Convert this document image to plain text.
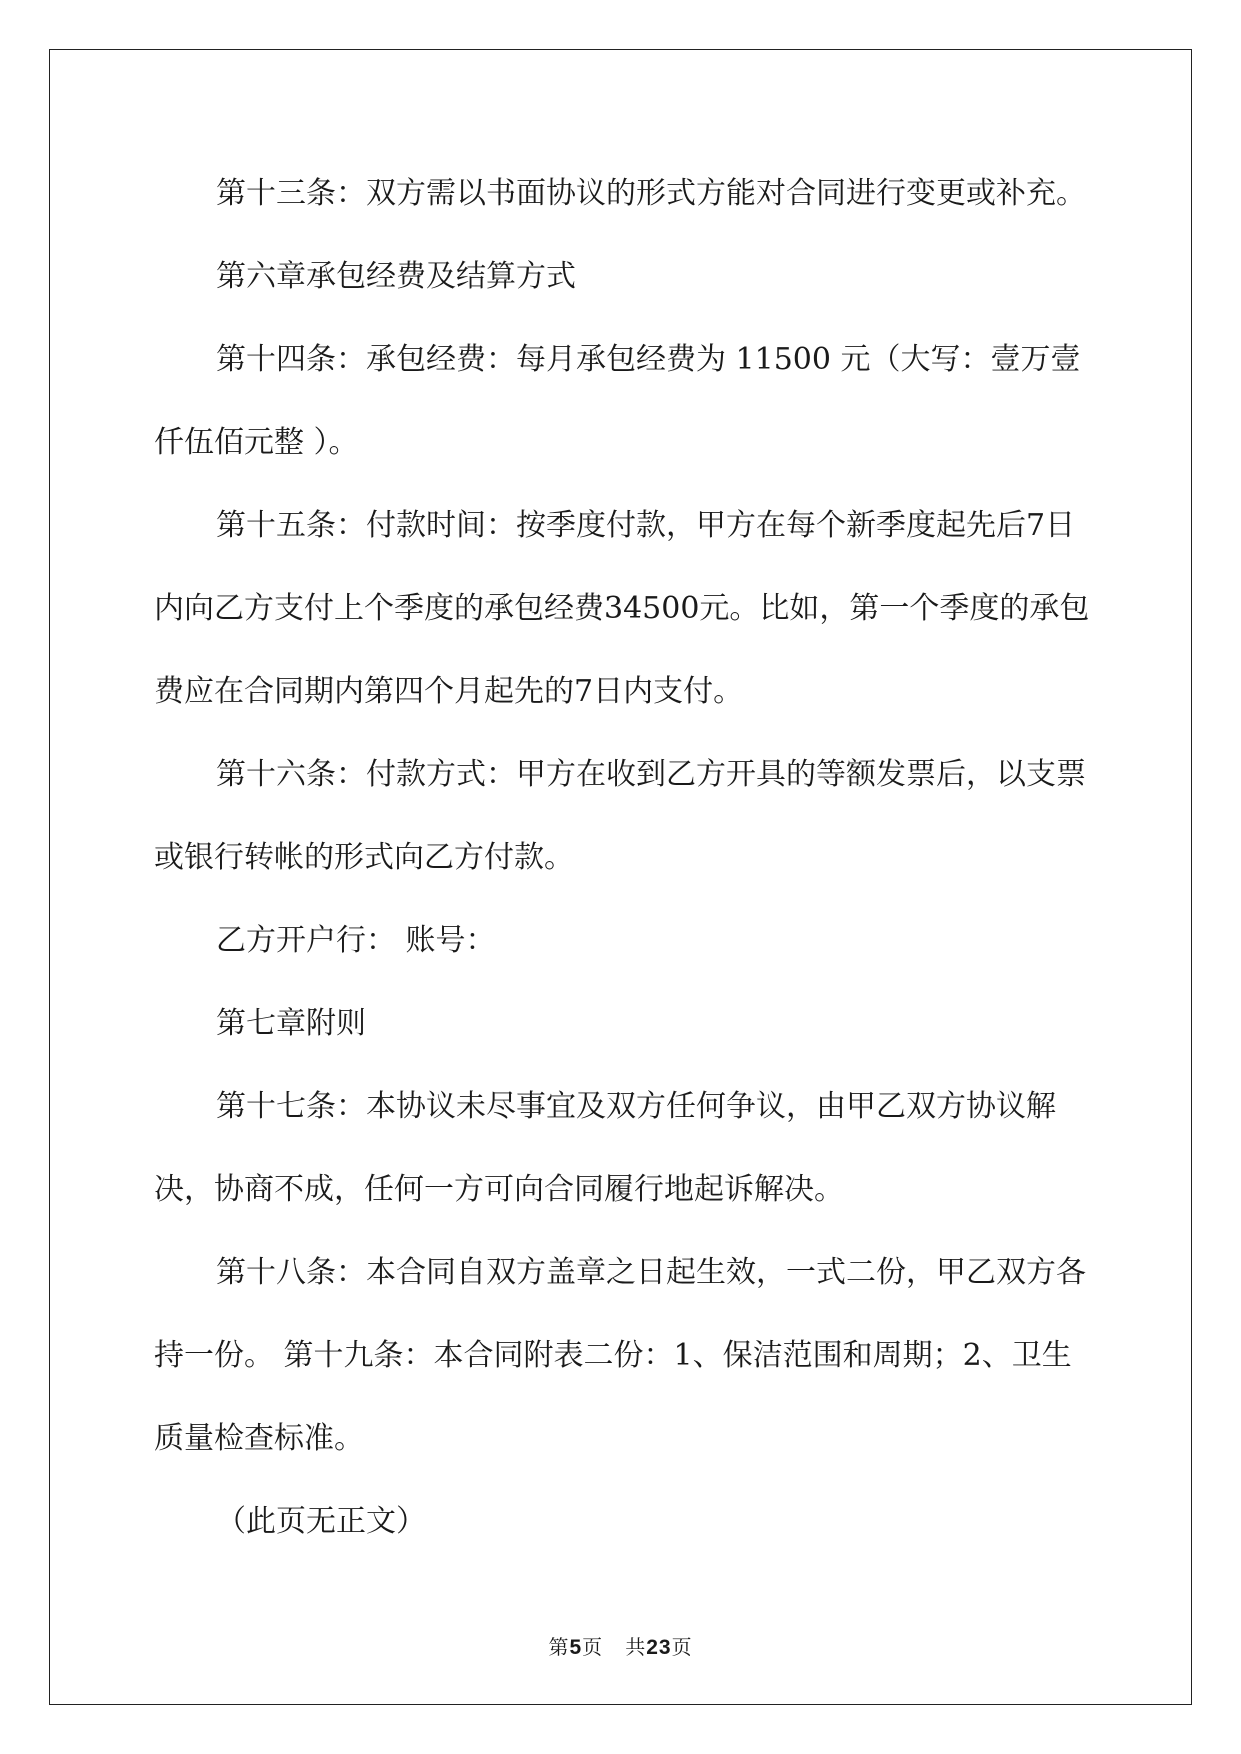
第十三条：双方需以书面协议的形式方能对合同进行变更或补充。

第六章承包经费及结算方式

第十四条：承包经费：每月承包经费为 11500 元（大写：壹万壹仟伍佰元整 ）。

第十五条：付款时间：按季度付款，甲方在每个新季度起先后7日内向乙方支付上个季度的承包经费34500元。比如，第一个季度的承包费应在合同期内第四个月起先的7日内支付。

第十六条：付款方式：甲方在收到乙方开具的等额发票后，以支票或银行转帐的形式向乙方付款。

乙方开户行： 账号：

第七章附则

第十七条：本协议未尽事宜及双方任何争议，由甲乙双方协议解决，协商不成，任何一方可向合同履行地起诉解决。

第十八条：本合同自双方盖章之日起生效，一式二份，甲乙双方各持一份。 第十九条：本合同附表二份：1、保洁范围和周期；2、卫生质量检查标准。

（此页无正文）

第5页 共23页
